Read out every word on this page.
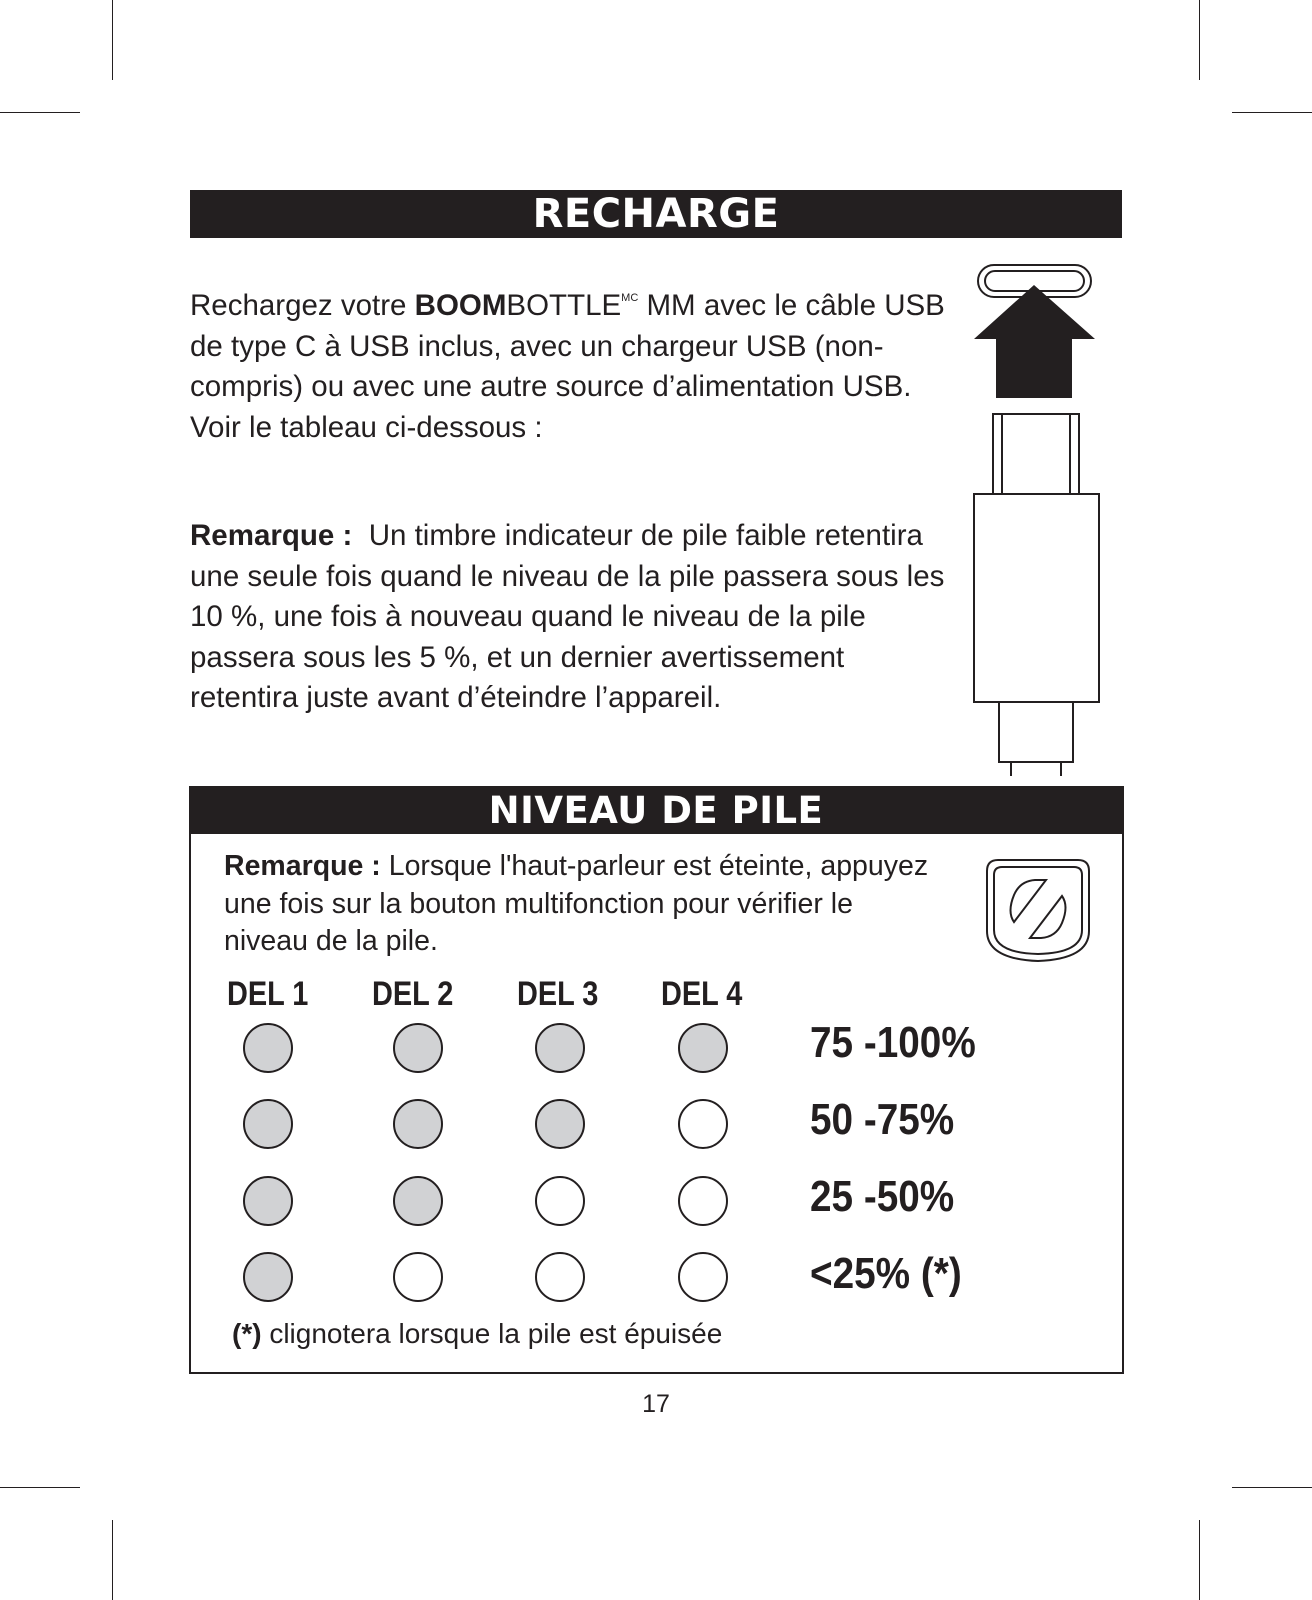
RECHARGE

Rechargez votre $BOOMBOTTLE^{MC}$ MM avec le câble USB de type C à USB inclus, avec un chargeur USB (non-compris) ou avec une autre source d’alimentation USB. Voir le tableau ci-dessous :

Remarque : Un timbre indicateur de pile faible retentira une seule fois quand le niveau de la pile passera sous les 10 %, une fois à nouveau quand le niveau de la pile passera sous les 5 %, et un dernier avertissement retentira juste avant d’éteindre l’appareil.

NIVEAU DE PILE

Remarque : Lorsque l'haut-parleur est éteinte, appuyez une fois sur la bouton multifonction pour vérifier le niveau de la pile.

DEL 1 DEL 2 DEL 3 DEL 4
75 -100%
50 -75%
25 -50%
<25% (*)
(*) clignotera lorsque la pile est épuisée
17
